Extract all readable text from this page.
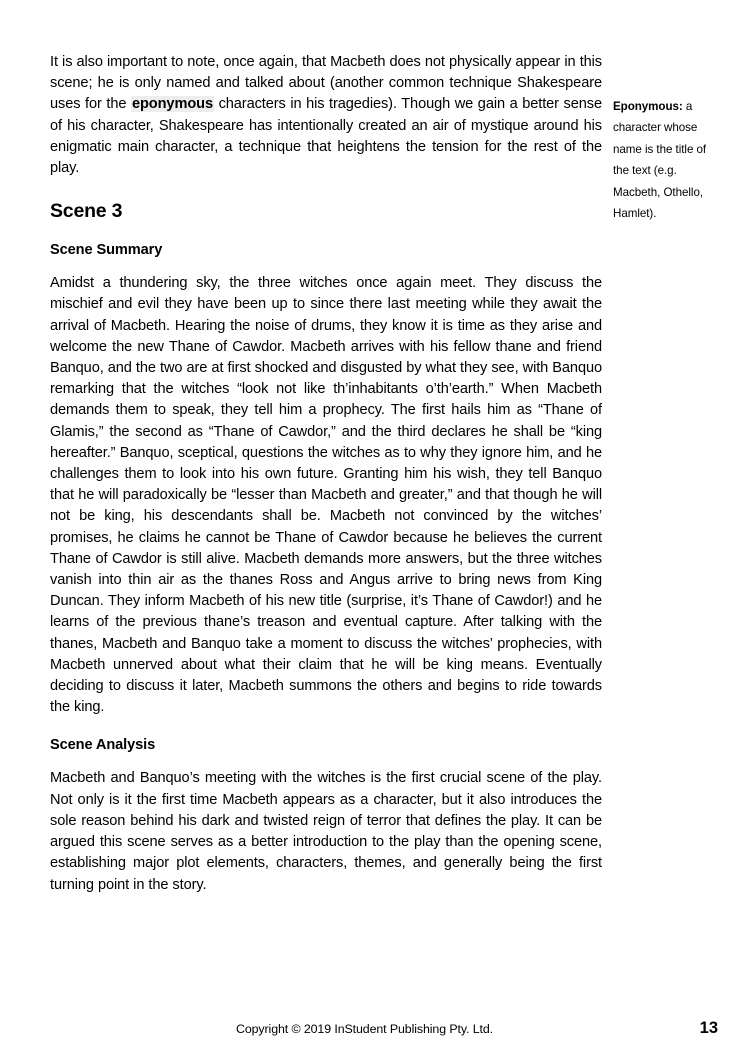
It is also important to note, once again, that Macbeth does not physically appear in this scene; he is only named and talked about (another common technique Shakespeare uses for the eponymous characters in his tragedies). Though we gain a better sense of his character, Shakespeare has intentionally created an air of mystique around his enigmatic main character, a technique that heightens the tension for the rest of the play.

Scene 3
Scene Summary

Amidst a thundering sky, the three witches once again meet. They discuss the mischief and evil they have been up to since there last meeting while they await the arrival of Macbeth. Hearing the noise of drums, they know it is time as they arise and welcome the new Thane of Cawdor. Macbeth arrives with his fellow thane and friend Banquo, and the two are at first shocked and disgusted by what they see, with Banquo remarking that the witches “look not like th’inhabitants o’th’earth.” When Macbeth demands them to speak, they tell him a prophecy. The first hails him as “Thane of Glamis,” the second as “Thane of Cawdor,” and the third declares he shall be “king hereafter.” Banquo, sceptical, questions the witches as to why they ignore him, and he challenges them to look into his own future. Granting him his wish, they tell Banquo that he will paradoxically be “lesser than Macbeth and greater,” and that though he will not be king, his descendants shall be. Macbeth not convinced by the witches’ promises, he claims he cannot be Thane of Cawdor because he believes the current Thane of Cawdor is still alive. Macbeth demands more answers, but the three witches vanish into thin air as the thanes Ross and Angus arrive to bring news from King Duncan. They inform Macbeth of his new title (surprise, it’s Thane of Cawdor!) and he learns of the previous thane’s treason and eventual capture. After talking with the thanes, Macbeth and Banquo take a moment to discuss the witches’ prophecies, with Macbeth unnerved about what their claim that he will be king means. Eventually deciding to discuss it later, Macbeth summons the others and begins to ride towards the king.

Scene Analysis

Macbeth and Banquo’s meeting with the witches is the first crucial scene of the play. Not only is it the first time Macbeth appears as a character, but it also introduces the sole reason behind his dark and twisted reign of terror that defines the play. It can be argued this scene serves as a better introduction to the play than the opening scene, establishing major plot elements, characters, themes, and generally being the first turning point in the story.

Eponymous: a character whose name is the title of the text (e.g. Macbeth, Othello, Hamlet).
Copyright © 2019 InStudent Publishing Pty. Ltd.	13
